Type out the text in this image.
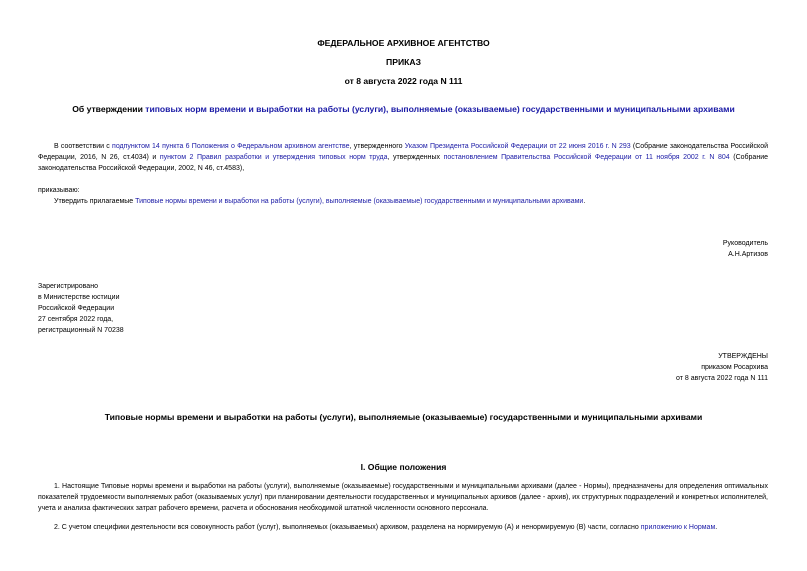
ФЕДЕРАЛЬНОЕ АРХИВНОЕ АГЕНТСТВО
ПРИКАЗ
от 8 августа 2022 года N 111
Об утверждении типовых норм времени и выработки на работы (услуги), выполняемые (оказываемые) государственными и муниципальными архивами
В соответствии с подпунктом 14 пункта 6 Положения о Федеральном архивном агентстве, утвержденного Указом Президента Российской Федерации от 22 июня 2016 г. N 293 (Собрание законодательства Российской Федерации, 2016, N 26, ст.4034) и пунктом 2 Правил разработки и утверждения типовых норм труда, утвержденных постановлением Правительства Российской Федерации от 11 ноября 2002 г. N 804 (Собрание законодательства Российской Федерации, 2002, N 46, ст.4583),
приказываю:
Утвердить прилагаемые Типовые нормы времени и выработки на работы (услуги), выполняемые (оказываемые) государственными и муниципальными архивами.
Руководитель
А.Н.Артизов
Зарегистрировано
в Министерстве юстиции
Российской Федерации
27 сентября 2022 года,
регистрационный N 70238
УТВЕРЖДЕНЫ
приказом Росархива
от 8 августа 2022 года N 111
Типовые нормы времени и выработки на работы (услуги), выполняемые (оказываемые) государственными и муниципальными архивами
I. Общие положения
1. Настоящие Типовые нормы времени и выработки на работы (услуги), выполняемые (оказываемые) государственными и муниципальными архивами (далее - Нормы), предназначены для определения оптимальных показателей трудоемкости выполняемых работ (оказываемых услуг) при планировании деятельности государственных и муниципальных архивов (далее - архив), их структурных подразделений и конкретных исполнителей, учета и анализа фактических затрат рабочего времени, расчета и обоснования необходимой штатной численности основного персонала.
2. С учетом специфики деятельности вся совокупность работ (услуг), выполняемых (оказываемых) архивом, разделена на нормируемую (А) и ненормируемую (В) части, согласно приложению к Нормам.
